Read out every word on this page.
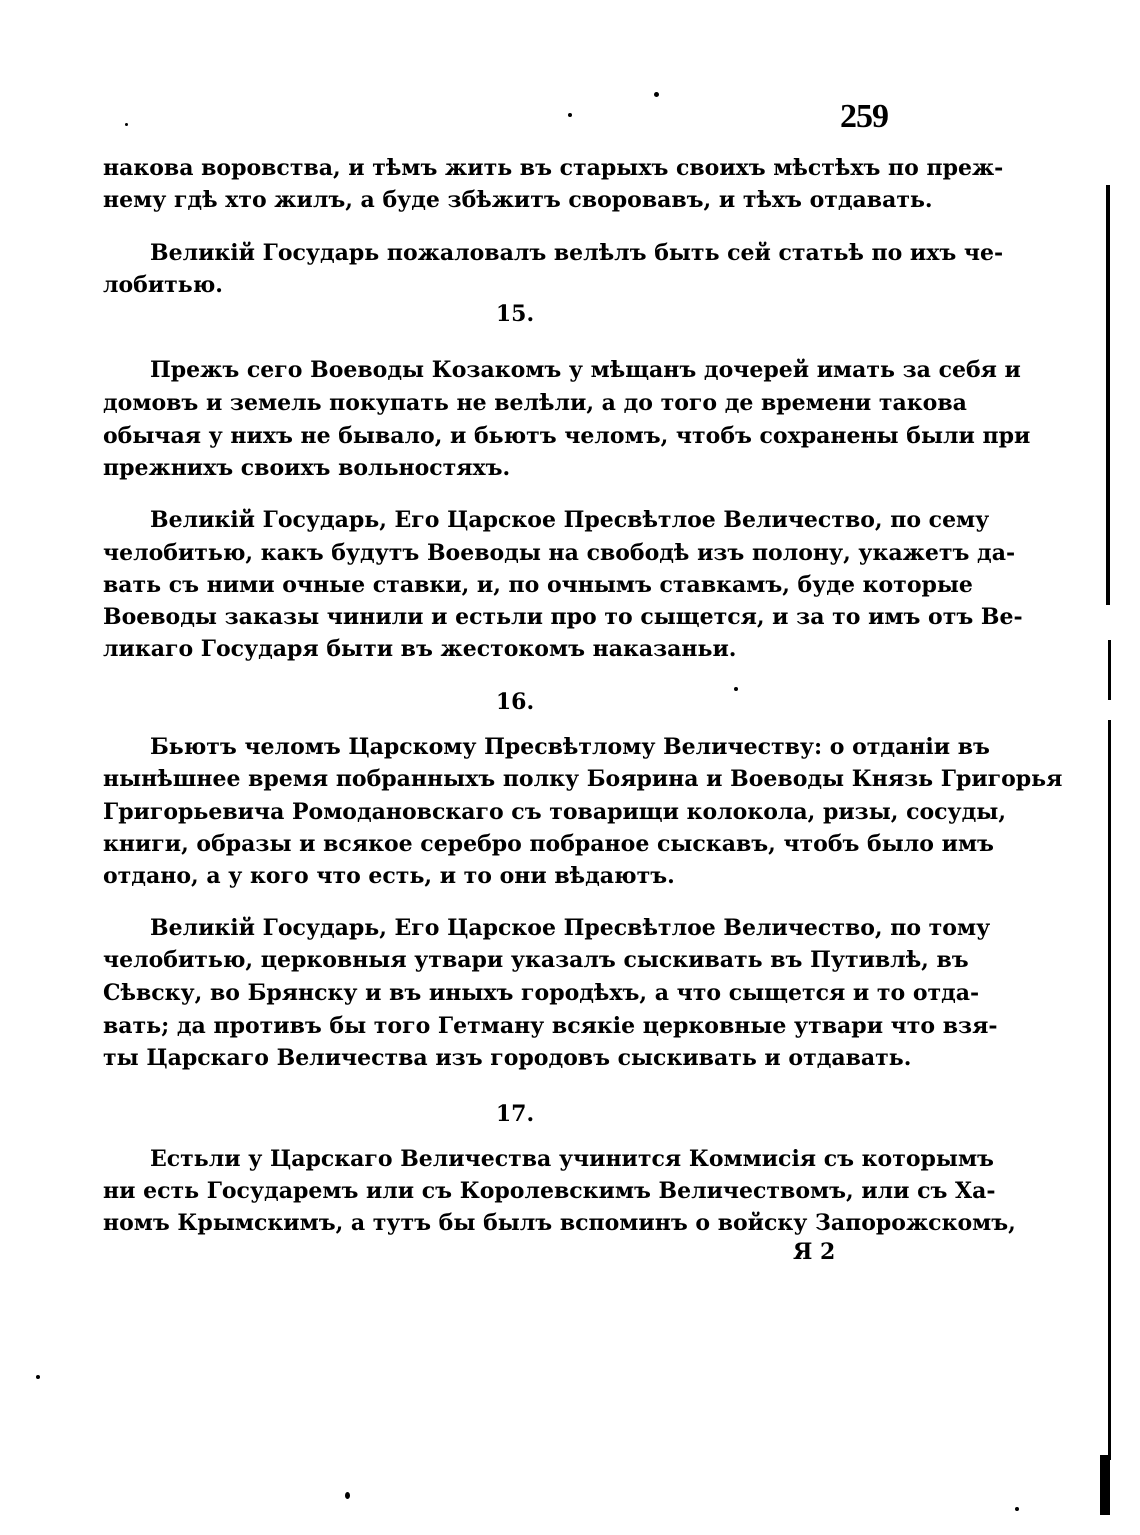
259
накова воровства, и тѣмъ жить въ старыхъ своихъ мѣстѣхъ по преж-
нему гдѣ хто жилъ, а буде збѣжитъ своровавъ, и тѣхъ отдавать.
Великій Государь пожаловалъ велѣлъ быть сей статьѣ по ихъ че-
лобитью.
15.
Прежъ сего Воеводы Козакомъ у мѣщанъ дочерей имать за себя и
домовъ и земель покупать не велѣли, а до того де времени такова
обычая у нихъ не бывало, и бьютъ челомъ, чтобъ сохранены были при
прежнихъ своихъ вольностяхъ.
Великій Государь, Его Царское Пресвѣтлое Величество, по сему
челобитью, какъ будутъ Воеводы на свободѣ изъ полону, укажетъ да-
вать съ ними очные ставки, и, по очнымъ ставкамъ, буде которые
Воеводы заказы чинили и естьли про то сыщется, и за то имъ отъ Ве-
ликаго Государя быти въ жестокомъ наказаньи.
16.
Бьютъ челомъ Царскому Пресвѣтлому Величеству: о отданіи въ
нынѣшнее время побранныхъ полку Боярина и Воеводы Князь Григорья
Григорьевича Ромодановскаго съ товарищи колокола, ризы, сосуды,
книги, образы и всякое серебро побраное сыскавъ, чтобъ было имъ
отдано, а у кого что есть, и то они вѣдаютъ.
Великій Государь, Его Царское Пресвѣтлое Величество, по тому
челобитью, церковныя утвари указалъ сыскивать въ Путивлѣ, въ
Сѣвску, во Брянску и въ иныхъ городѣхъ, а что сыщется и то отда-
вать; да противъ бы того Гетману всякіе церковные утвари что взя-
ты Царскаго Величества изъ городовъ сыскивать и отдавать.
17.
Естьли у Царскаго Величества учинится Коммисія съ которымъ
ни есть Государемъ или съ Королевскимъ Величествомъ, или съ Ха-
номъ Крымскимъ, а тутъ бы былъ вспоминъ о войску Запорожскомъ,
Я 2
